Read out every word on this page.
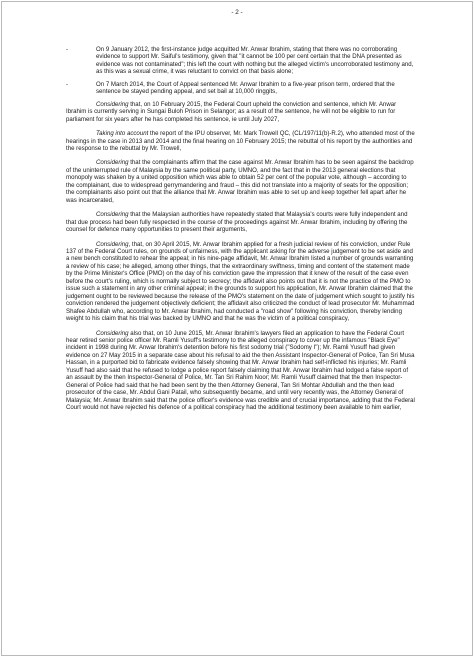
- 2 -
-	On 9 January 2012, the first-instance judge acquitted Mr. Anwar Ibrahim, stating that there was no corroborating evidence to support Mr. Saiful's testimony, given that "it cannot be 100 per cent certain that the DNA presented as evidence was not contaminated"; this left the court with nothing but the alleged victim's uncorroborated testimony and, as this was a sexual crime, it was reluctant to convict on that basis alone;
-	On 7 March 2014, the Court of Appeal sentenced Mr. Anwar Ibrahim to a five-year prison term, ordered that the sentence be stayed pending appeal, and set bail at 10,000 ringgits,

Considering that, on 10 February 2015, the Federal Court upheld the conviction and sentence, which Mr. Anwar Ibrahim is currently serving in Sungai Buloh Prison in Selangor; as a result of the sentence, he will not be eligible to run for parliament for six years after he has completed his sentence, ie until July 2027,

Taking into account the report of the IPU observer, Mr. Mark Trowell QC, (CL/197/11(b)-R.2), who attended most of the hearings in the case in 2013 and 2014 and the final hearing on 10 February 2015; the rebuttal of his report by the authorities and the response to the rebuttal by Mr. Trowell,

Considering that the complainants affirm that the case against Mr. Anwar Ibrahim has to be seen against the backdrop of the uninterrupted rule of Malaysia by the same political party, UMNO, and the fact that in the 2013 general elections that monopoly was shaken by a united opposition which was able to obtain 52 per cent of the popular vote, although – according to the complainant, due to widespread gerrymandering and fraud – this did not translate into a majority of seats for the opposition; the complainants also point out that the alliance that Mr. Anwar Ibrahim was able to set up and keep together fell apart after he was incarcerated,

Considering that the Malaysian authorities have repeatedly stated that Malaysia's courts were fully independent and that due process had been fully respected in the course of the proceedings against Mr. Anwar Ibrahim, including by offering the counsel for defence many opportunities to present their arguments,

Considering, that, on 30 April 2015, Mr. Anwar Ibrahim applied for a fresh judicial review of his conviction, under Rule 137 of the Federal Court rules, on grounds of unfairness, with the applicant asking for the adverse judgement to be set aside and a new bench constituted to rehear the appeal; in his nine-page affidavit, Mr. Anwar Ibrahim listed a number of grounds warranting a review of his case; he alleged, among other things, that the extraordinary swiftness, timing and content of the statement made by the Prime Minister's Office (PMO) on the day of his conviction gave the impression that it knew of the result of the case even before the court's ruling, which is normally subject to secrecy; the affidavit also points out that it is not the practice of the PMO to issue such a statement in any other criminal appeal; in the grounds to support his application, Mr. Anwar Ibrahim claimed that the judgement ought to be reviewed because the release of the PMO's statement on the date of judgement which sought to justify his conviction rendered the judgement objectively deficient; the affidavit also criticized the conduct of lead prosecutor Mr. Muhammad Shafee Abdullah who, according to Mr. Anwar Ibrahim, had conducted a "road show" following his conviction, thereby lending weight to his claim that his trial was backed by UMNO and that he was the victim of a political conspiracy,

Considering also that, on 10 June 2015, Mr. Anwar Ibrahim's lawyers filed an application to have the Federal Court hear retired senior police officer Mr. Ramli Yusuff's testimony to the alleged conspiracy to cover up the infamous "Black Eye" incident in 1998 during Mr. Anwar Ibrahim's detention before his first sodomy trial ("Sodomy I"); Mr. Ramli Yusuff had given evidence on 27 May 2015 in a separate case about his refusal to aid the then Assistant Inspector-General of Police, Tan Sri Musa Hassan, in a purported bid to fabricate evidence falsely showing that Mr. Anwar Ibrahim had self-inflicted his injuries; Mr. Ramli Yusuff had also said that he refused to lodge a police report falsely claiming that Mr. Anwar Ibrahim had lodged a false report of an assault by the then Inspector-General of Police, Mr. Tan Sri Rahim Noor; Mr. Ramli Yusuff claimed that the then Inspector-General of Police had said that he had been sent by the then Attorney General, Tan Sri Mohtar Abdullah and the then lead prosecutor of the case, Mr. Abdul Gani Patail, who subsequently became, and until very recently was, the Attorney General of Malaysia; Mr. Anwar Ibrahim said that the police officer's evidence was credible and of crucial importance, adding that the Federal Court would not have rejected his defence of a political conspiracy had the additional testimony been available to him earlier,
